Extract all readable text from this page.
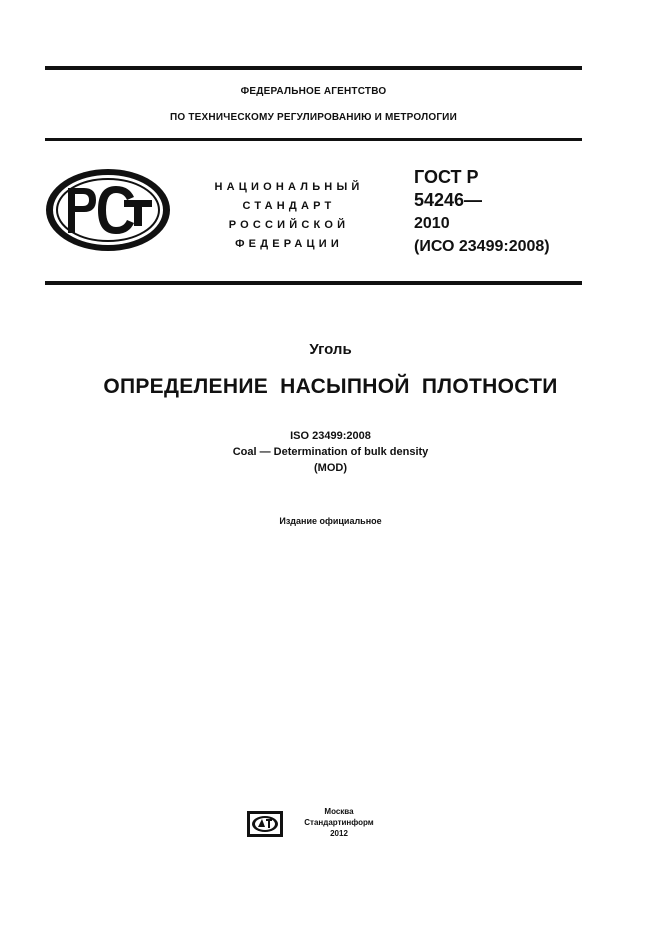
ФЕДЕРАЛЬНОЕ АГЕНТСТВО
ПО ТЕХНИЧЕСКОМУ РЕГУЛИРОВАНИЮ И МЕТРОЛОГИИ
НАЦИОНАЛЬНЫЙ
СТАНДАРТ
РОССИЙСКОЙ
ФЕДЕРАЦИИ
ГОСТ Р
54246—
2010
(ИСО 23499:2008)
Уголь
ОПРЕДЕЛЕНИЕ НАСЫПНОЙ ПЛОТНОСТИ
ISO 23499:2008
Coal — Determination of bulk density
(MOD)
Издание официальное
Москва
Стандартинформ
2012
